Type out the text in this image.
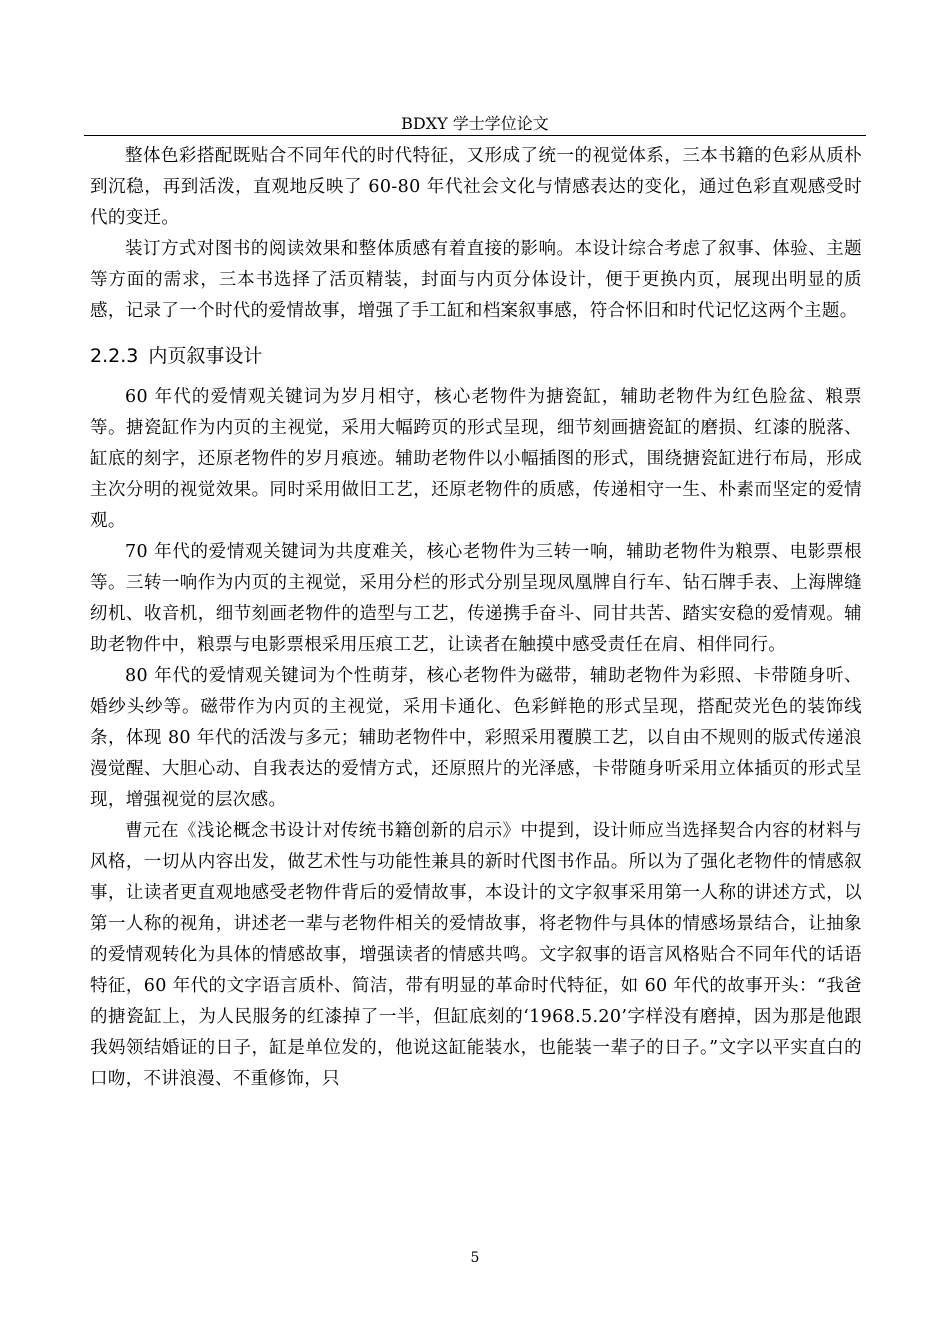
BDXY 学士学位论文

整体色彩搭配既贴合不同年代的时代特征，又形成了统一的视觉体系，三本书籍的色彩从质朴到沉稳，再到活泼，直观地反映了 60-80 年代社会文化与情感表达的变化，通过色彩直观感受时代的变迁。

装订方式对图书的阅读效果和整体质感有着直接的影响。本设计综合考虑了叙事、体验、主题等方面的需求，三本书选择了活页精装，封面与内页分体设计，便于更换内页，展现出明显的质感，记录了一个时代的爱情故事，增强了手工缸和档案叙事感，符合怀旧和时代记忆这两个主题。

2.2.3 内页叙事设计

60 年代的爱情观关键词为岁月相守，核心老物件为搪瓷缸，辅助老物件为红色脸盆、粮票等。搪瓷缸作为内页的主视觉，采用大幅跨页的形式呈现，细节刻画搪瓷缸的磨损、红漆的脱落、缸底的刻字，还原老物件的岁月痕迹。辅助老物件以小幅插图的形式，围绕搪瓷缸进行布局，形成主次分明的视觉效果。同时采用做旧工艺，还原老物件的质感，传递相守一生、朴素而坚定的爱情观。

70 年代的爱情观关键词为共度难关，核心老物件为三转一响，辅助老物件为粮票、电影票根等。三转一响作为内页的主视觉，采用分栏的形式分别呈现凤凰牌自行车、钻石牌手表、上海牌缝纫机、收音机，细节刻画老物件的造型与工艺，传递携手奋斗、同甘共苦、踏实安稳的爱情观。辅助老物件中，粮票与电影票根采用压痕工艺，让读者在触摸中感受责任在肩、相伴同行。

80 年代的爱情观关键词为个性萌芽，核心老物件为磁带，辅助老物件为彩照、卡带随身听、婚纱头纱等。磁带作为内页的主视觉，采用卡通化、色彩鲜艳的形式呈现，搭配荧光色的装饰线条，体现 80 年代的活泼与多元；辅助老物件中，彩照采用覆膜工艺，以自由不规则的版式传递浪漫觉醒、大胆心动、自我表达的爱情方式，还原照片的光泽感，卡带随身听采用立体插页的形式呈现，增强视觉的层次感。

曹元在《浅论概念书设计对传统书籍创新的启示》中提到，设计师应当选择契合内容的材料与风格，一切从内容出发，做艺术性与功能性兼具的新时代图书作品。所以为了强化老物件的情感叙事，让读者更直观地感受老物件背后的爱情故事，本设计的文字叙事采用第一人称的讲述方式，以第一人称的视角，讲述老一辈与老物件相关的爱情故事，将老物件与具体的情感场景结合，让抽象的爱情观转化为具体的情感故事，增强读者的情感共鸣。文字叙事的语言风格贴合不同年代的话语特征，60 年代的文字语言质朴、简洁，带有明显的革命时代特征，如 60 年代的故事开头：“我爸的搪瓷缸上，为人民服务的红漆掉了一半，但缸底刻的‘1968.5.20’字样没有磨掉，因为那是他跟我妈领结婚证的日子，缸是单位发的，他说这缸能装水，也能装一辈子的日子。”文字以平实直白的口吻，不讲浪漫、不重修饰，只

5
